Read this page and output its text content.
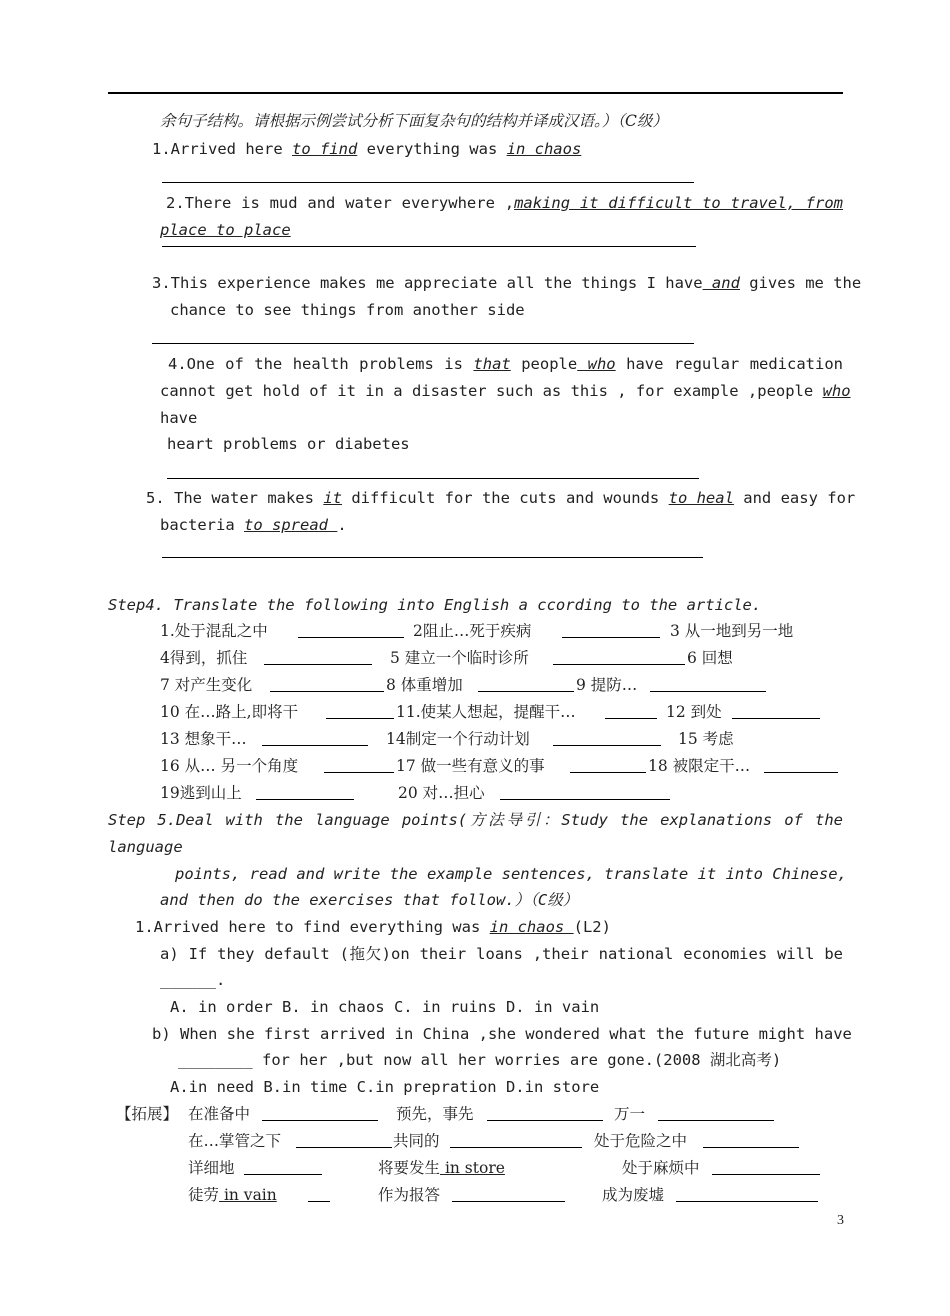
余句子结构。请根据示例尝试分析下面复杂句的结构并译成汉语。）（C级）
1.Arrived here to find everything was in chaos
2.There is mud and water everywhere ,making it difficult to travel, from
place to place
3.This experience makes me appreciate all the things I have and gives me the
chance to see things from another side
4.One of the health problems is that people who have regular medication
cannot get hold of it in a disaster such as this , for example ,people who
have
heart problems or diabetes
5. The water makes it difficult for the cuts and wounds to heal and easy for
bacteria to spread .
Step4. Translate the following into English a ccording to the article.
1.处于混乱之中	2阻止…死于疾病	3 从一地到另一地
4得到，抓住	5 建立一个临时诊所	6 回想
7 对产生变化	8 体重增加	9 提防…
10 在…路上,即将干	11.使某人想起，提醒干…	12 到处
13 想象干…	14制定一个行动计划	15 考虑
16 从… 另一个角度	17 做一些有意义的事	18 被限定干…
19逃到山上	20 对…担心
Step 5.Deal with the language points(方法导引：Study the explanations of the
language
points, read and write the example sentences, translate it into Chinese,
and then do the exercises that follow.）（C级）
1.Arrived here to find everything was in chaos (L2)
a) If they default (拖欠)on their loans ,their national economies will be
______.
A. in order B. in chaos C. in ruins D. in vain
b) When she first arrived in China ,she wondered what the future might have
________ for her ,but now all her worries are gone.(2008 湖北高考)
A.in need B.in time C.in prepration D.in store
【拓展】 在准备中	预先，事先	万一
在…掌管之下	共同的	处于危险之中
详细地	将要发生 in store	处于麻烦中
徒劳 in vain	作为报答	成为废墟
3
